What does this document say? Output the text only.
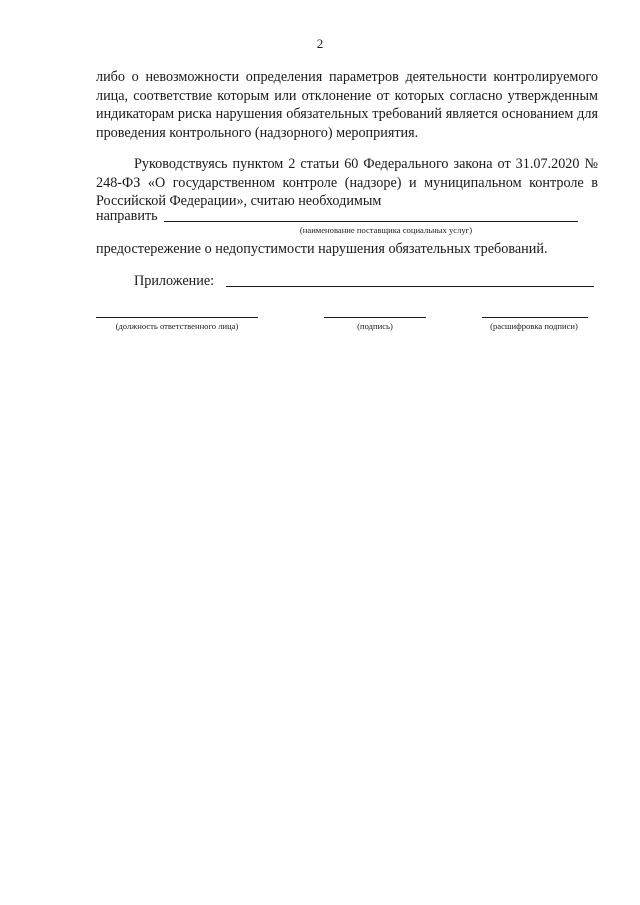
2
либо о невозможности определения параметров деятельности контролируемого лица, соответствие которым или отклонение от которых согласно утвержденным индикаторам риска нарушения обязательных требований является основанием для проведения контрольного (надзорного) мероприятия.
Руководствуясь пунктом 2 статьи 60 Федерального закона от 31.07.2020 № 248-ФЗ «О государственном контроле (надзоре) и муниципальном контроле в Российской Федерации», считаю необходимым
направить
(наименование поставщика социальных услуг)
предостережение о недопустимости нарушения обязательных требований.
Приложение:
(должность ответственного лица)	(подпись)	(расшифровка подписи)
